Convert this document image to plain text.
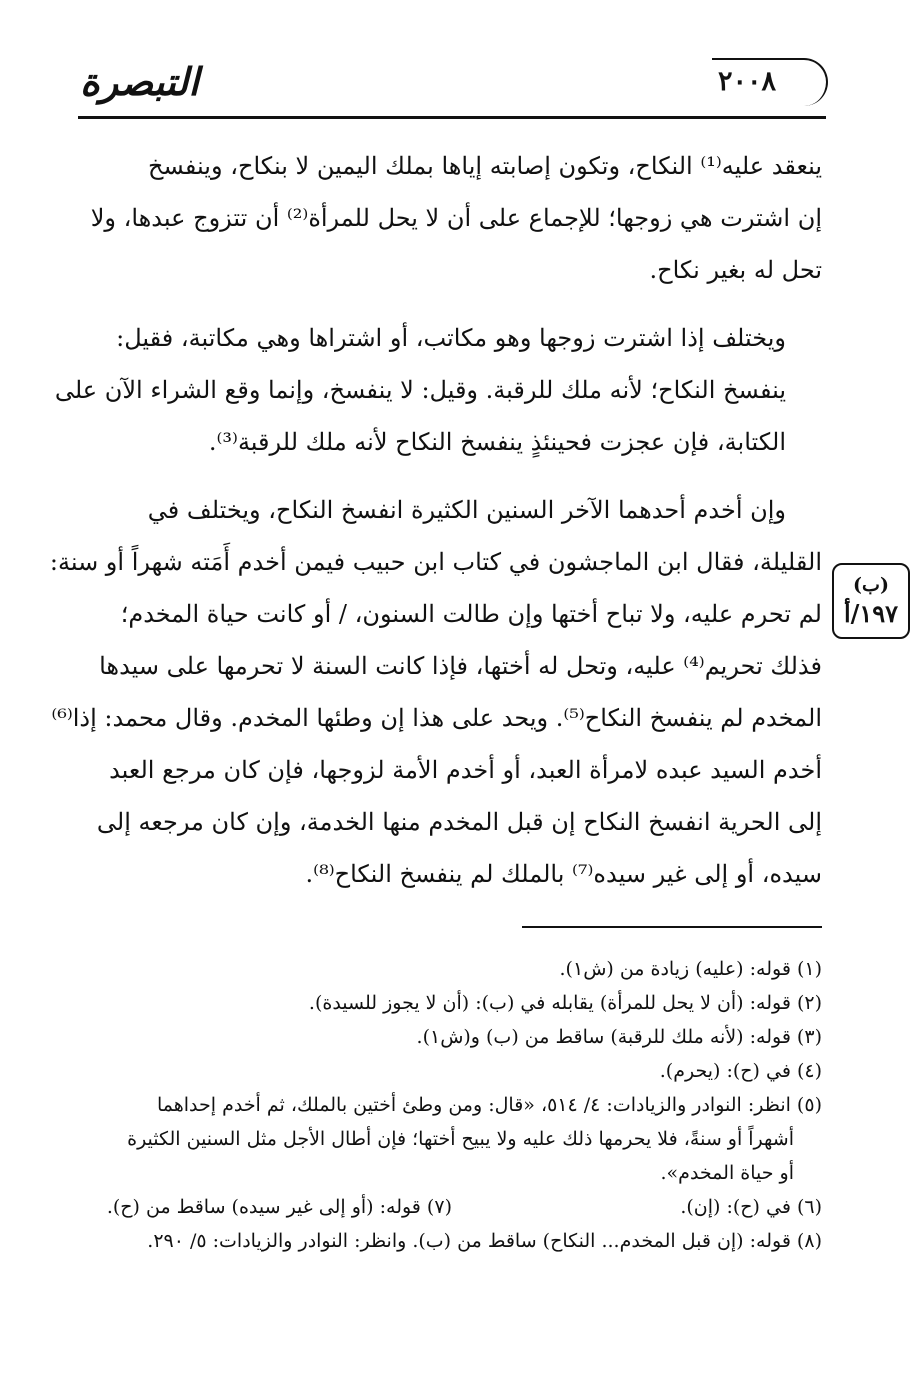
التبصرة	٢٠٠٨

ينعقد عليه⁽¹⁾ النكاح، وتكون إصابته إياها بملك اليمين لا بنكاح، وينفسخ
إن اشترت هي زوجها؛ للإجماع على أن لا يحل للمرأة⁽²⁾ أن تتزوج عبدها، ولا
تحل له بغير نكاح.

ويختلف إذا اشترت زوجها وهو مكاتب، أو اشتراها وهي مكاتبة، فقيل:
ينفسخ النكاح؛ لأنه ملك للرقبة. وقيل: لا ينفسخ، وإنما وقع الشراء الآن على
الكتابة، فإن عجزت فحينئذٍ ينفسخ النكاح لأنه ملك للرقبة⁽³⁾.

وإن أخدم أحدهما الآخر السنين الكثيرة انفسخ النكاح، ويختلف في
القليلة، فقال ابن الماجشون في كتاب ابن حبيب فيمن أخدم أَمَته شهراً أو سنة:
لم تحرم عليه، ولا تباح أختها وإن طالت السنون، / أو كانت حياة المخدم؛
فذلك تحريم⁽⁴⁾ عليه، وتحل له أختها، فإذا كانت السنة لا تحرمها على سيدها
المخدم لم ينفسخ النكاح⁽⁵⁾. ويحد على هذا إن وطئها المخدم. وقال محمد: إذا⁽⁶⁾
أخدم السيد عبده لامرأة العبد، أو أخدم الأمة لزوجها، فإن كان مرجع العبد
إلى الحرية انفسخ النكاح إن قبل المخدم منها الخدمة، وإن كان مرجعه إلى
سيده، أو إلى غير سيده⁽⁷⁾ بالملك لم ينفسخ النكاح⁽⁸⁾.

(ب)
١٩٧/أ
(١) قوله: (عليه) زيادة من (ش١).
(٢) قوله: (أن لا يحل للمرأة) يقابله في (ب): (أن لا يجوز للسيدة).
(٣) قوله: (لأنه ملك للرقبة) ساقط من (ب) و(ش١).
(٤) في (ح): (يحرم).
(٥) انظر: النوادر والزيادات: ٤/ ٥١٤، «قال: ومن وطئ أختين بالملك، ثم أخدم إحداهما
أشهراً أو سنةً، فلا يحرمها ذلك عليه ولا يبيح أختها؛ فإن أطال الأجل مثل السنين الكثيرة
أو حياة المخدم».
(٦) في (ح): (إن).
(٧) قوله: (أو إلى غير سيده) ساقط من (ح).
(٨) قوله: (إن قبل المخدم... النكاح) ساقط من (ب). وانظر: النوادر والزيادات: ٥/ ٢٩٠.
